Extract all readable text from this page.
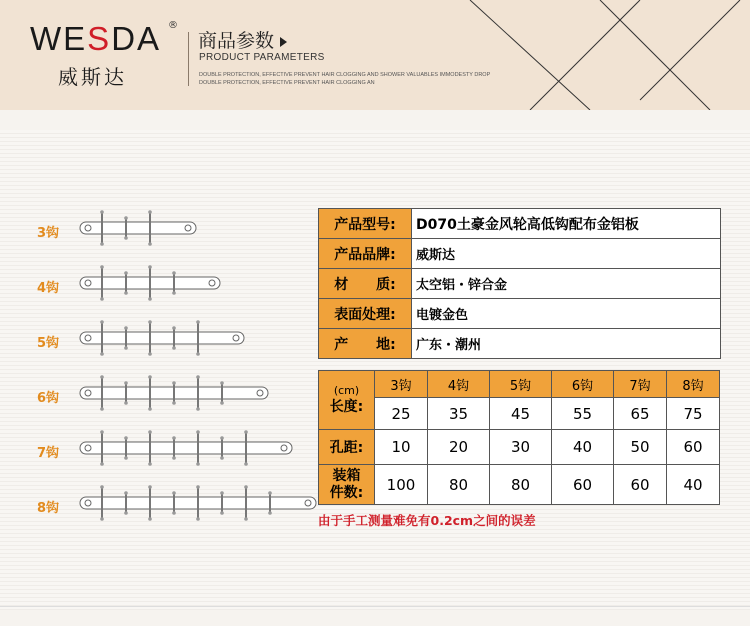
WESDA
威斯达
®
商品参数
PRODUCT PARAMETERS
DOUBLE PROTECTION, EFFECTIVE PREVENT HAIR CLOGGING AND SHOWER VALUABLES IMMODESTY DROP
DOUBLE PROTECTION, EFFECTIVE PREVENT HAIR CLOGGING AN
3钩
4钩
5钩
6钩
7钩
8钩
产品型号:	D070土豪金风轮高低钩配布金铝板
产品品牌:	威斯达
材　　质:	太空铝・锌合金
表面处理:	电镀金色
产　　地:	广东・潮州
(cm)
长度:	3钩	4钩	5钩	6钩	7钩	8钩
	25	35	45	55	65	75
孔距:	10	20	30	40	50	60

装箱
件数:	100	80	80	60	60	40
由于手工测量难免有0.2cm之间的误差
